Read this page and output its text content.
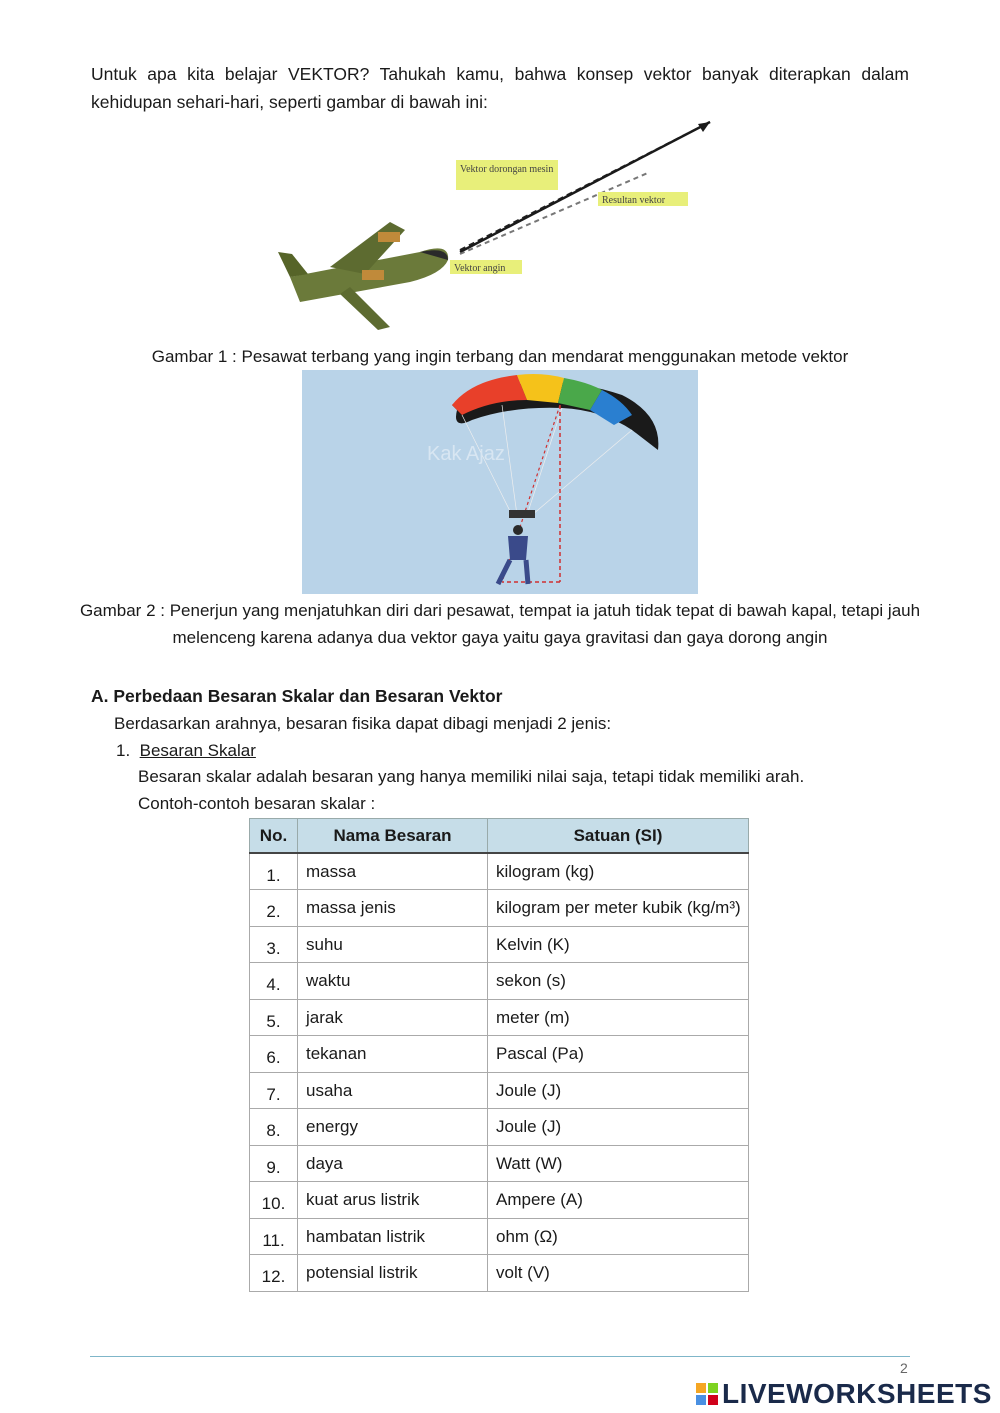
Untuk apa kita belajar VEKTOR? Tahukah kamu, bahwa konsep vektor banyak diterapkan dalam kehidupan sehari-hari, seperti gambar di bawah ini:
Vektor dorongan mesin
Resultan vektor
Vektor angin
Gambar 1 : Pesawat terbang yang ingin terbang dan mendarat menggunakan metode vektor
Kak Ajaz
Gambar 2 : Penerjun yang menjatuhkan diri dari pesawat, tempat ia jatuh tidak tepat di bawah kapal, tetapi jauh
melenceng karena adanya dua vektor gaya yaitu gaya gravitasi dan gaya dorong angin
A. Perbedaan Besaran Skalar dan Besaran Vektor
Berdasarkan arahnya, besaran fisika dapat dibagi menjadi 2 jenis:
1. Besaran Skalar
Besaran skalar adalah besaran yang hanya memiliki nilai saja, tetapi tidak memiliki arah.
Contoh-contoh besaran skalar :
No.	Nama Besaran	Satuan (SI)
1.	massa	kilogram (kg)
2.	massa jenis	kilogram per meter kubik (kg/m³)
3.	suhu	Kelvin (K)
4.	waktu	sekon (s)
5.	jarak	meter (m)
6.	tekanan	Pascal (Pa)
7.	usaha	Joule (J)
8.	energy	Joule (J)
9.	daya	Watt (W)
10.	kuat arus listrik	Ampere (A)
11.	hambatan listrik	ohm (Ω)
12.	potensial listrik	volt (V)
2
LIVEWORKSHEETS
